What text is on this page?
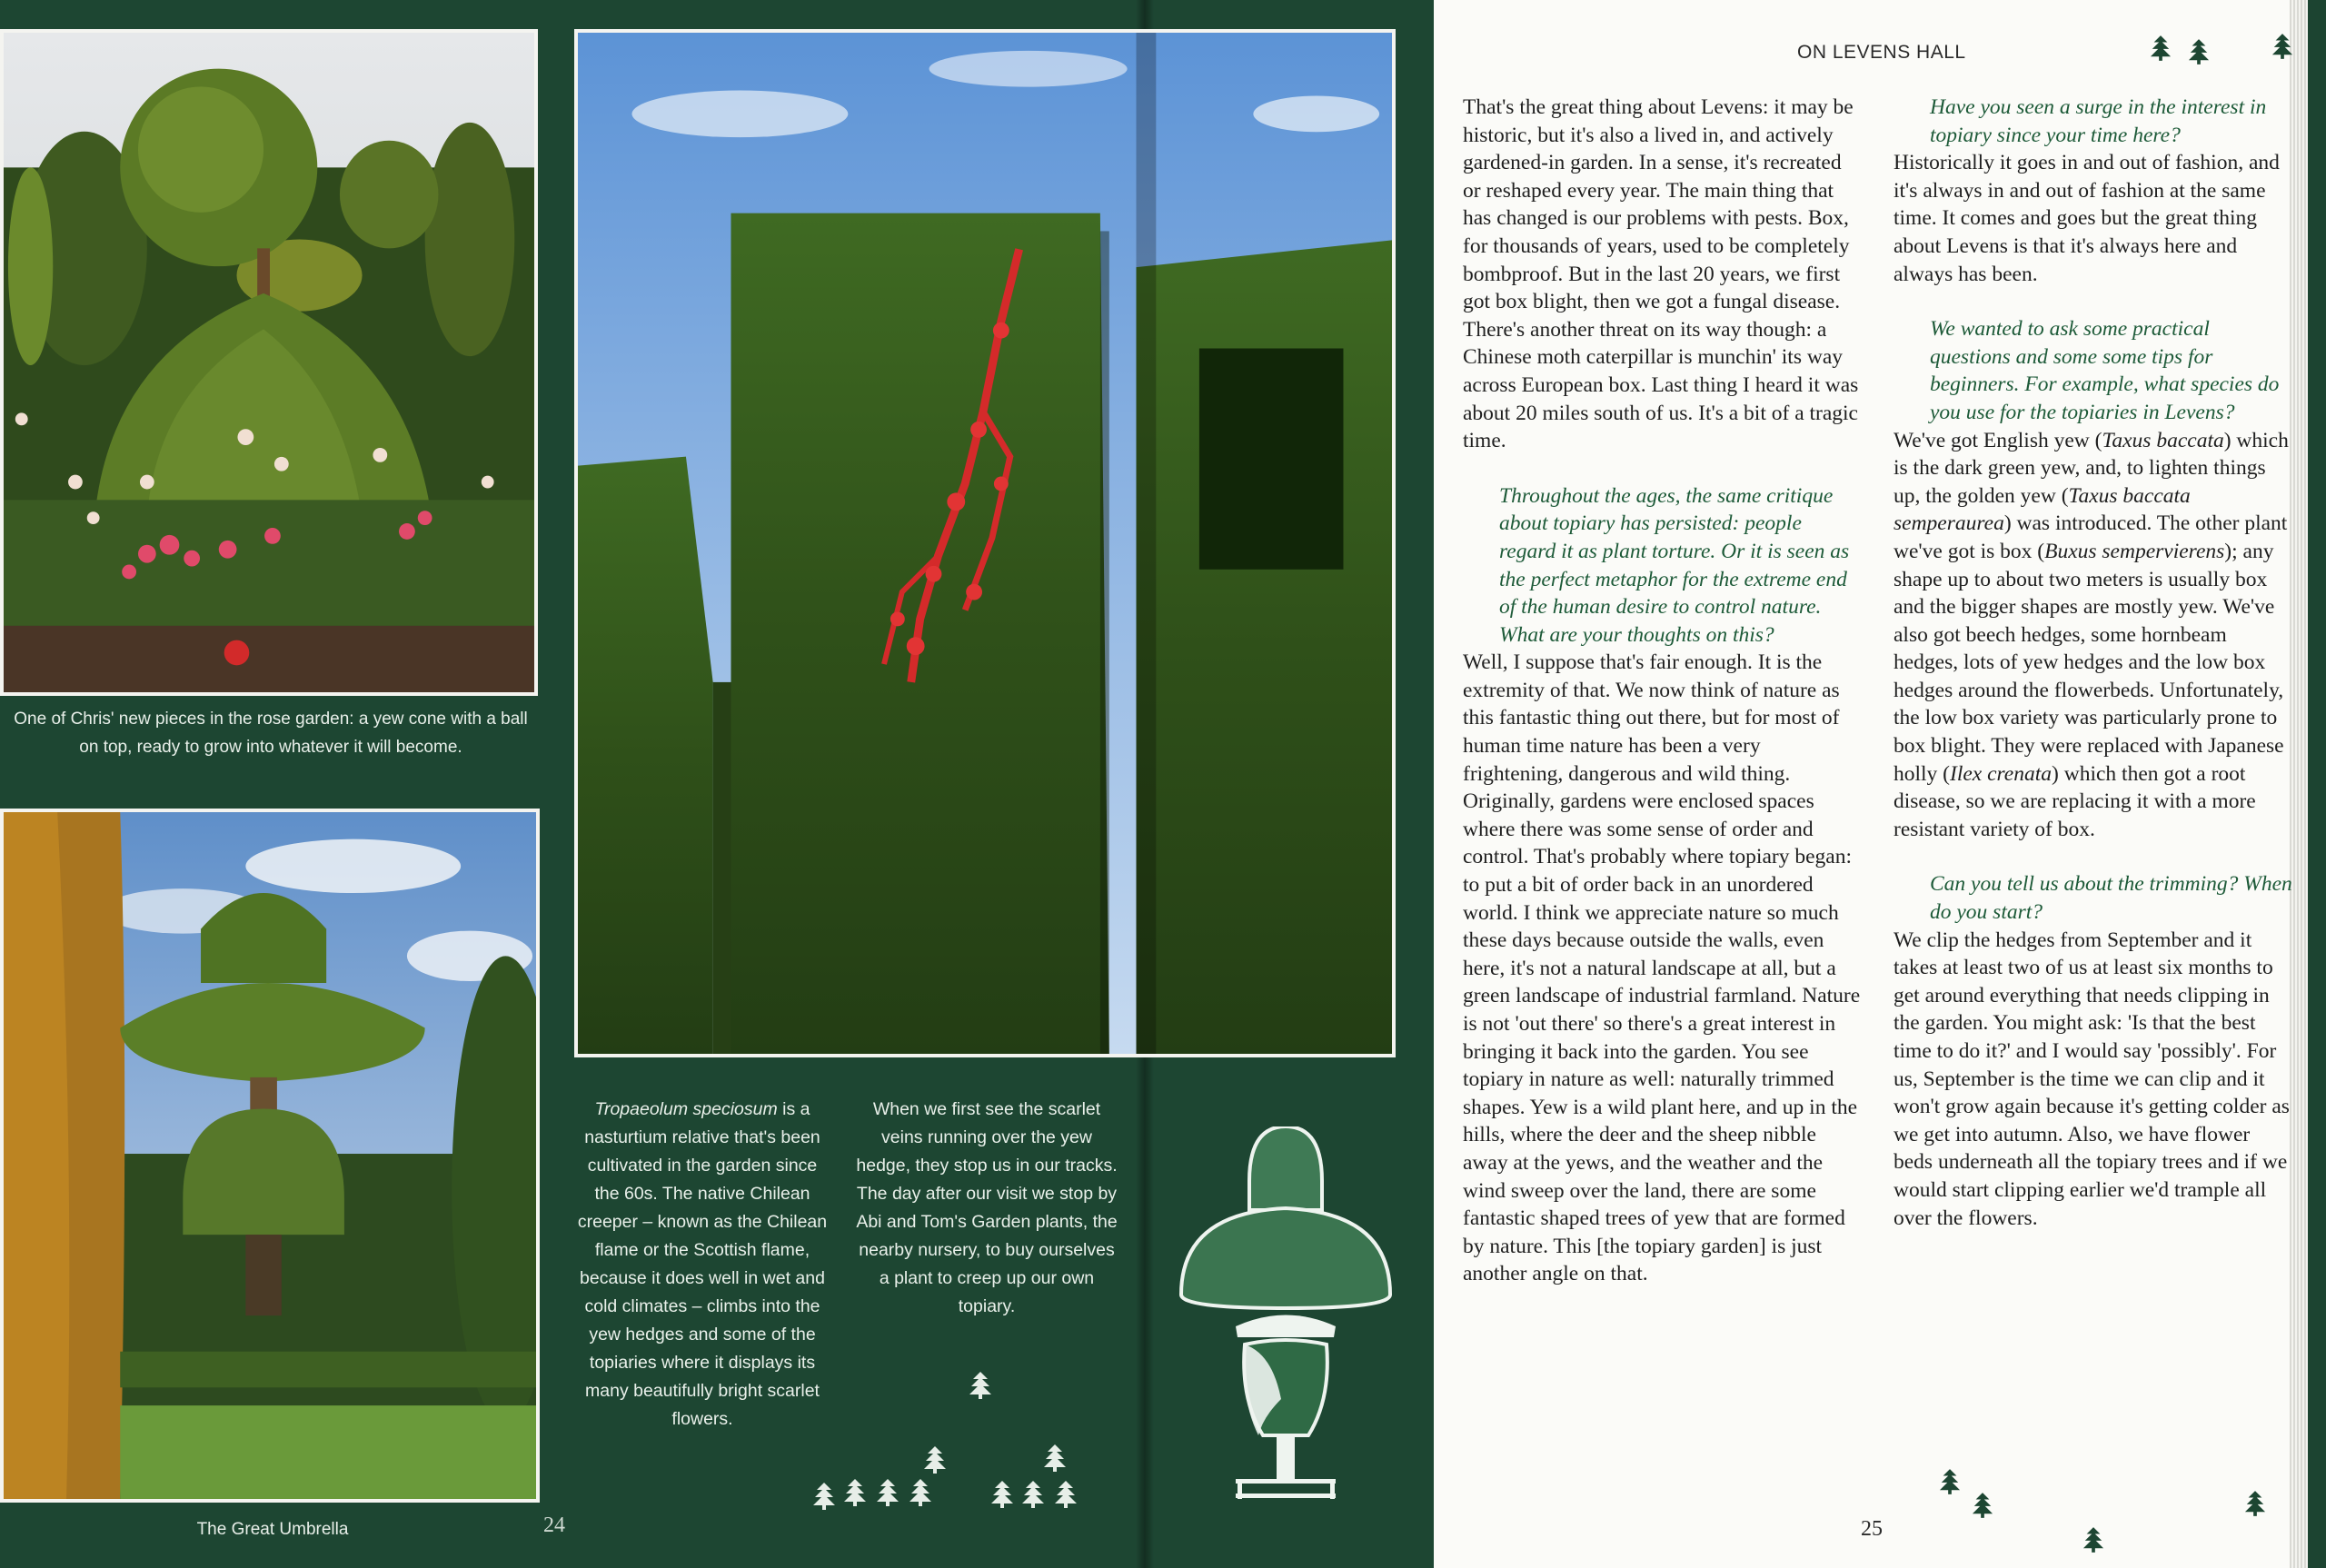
One of Chris' new pieces in the rose garden: a yew cone with a ball on top, ready to grow into whatever it will become.
The Great Umbrella	24
Tropaeolum speciosum is a nasturtium relative that's been cultivated in the garden since the 60s. The native Chilean creeper – known as the Chilean flame or the Scottish flame, because it does well in wet and cold climates – climbs into the yew hedges and some of the topiaries where it displays its many beautifully bright scarlet flowers.
When we first see the scarlet veins running over the yew hedge, they stop us in our tracks. The day after our visit we stop by Abi and Tom's Garden plants, the nearby nursery, to buy ourselves a plant to creep up our own topiary.
ON LEVENS HALL

That's the great thing about Levens: it may be historic, but it's also a lived in, and actively gardened-in garden. In a sense, it's recreated or reshaped every year. The main thing that has changed is our problems with pests. Box, for thousands of years, used to be completely bombproof. But in the last 20 years, we first got box blight, then we got a fungal disease. There's another threat on its way though: a Chinese moth caterpillar is munchin' its way across European box. Last thing I heard it was about 20 miles south of us. It's a bit of a tragic time.

Throughout the ages, the same critique about topiary has persisted: people regard it as plant torture. Or it is seen as the perfect metaphor for the extreme end of the human desire to control nature. What are your thoughts on this?

Well, I suppose that's fair enough. It is the extremity of that. We now think of nature as this fantastic thing out there, but for most of human time nature has been a very frightening, dangerous and wild thing. Originally, gardens were enclosed spaces where there was some sense of order and control. That's probably where topiary began: to put a bit of order back in an unordered world. I think we appreciate nature so much these days because outside the walls, even here, it's not a natural landscape at all, but a green landscape of industrial farmland. Nature is not 'out there' so there's a great interest in bringing it back into the garden. You see topiary in nature as well: naturally trimmed shapes. Yew is a wild plant here, and up in the hills, where the deer and the sheep nibble away at the yews, and the weather and the wind sweep over the land, there are some fantastic shaped trees of yew that are formed by nature. This [the topiary garden] is just another angle on that.

Have you seen a surge in the interest in topiary since your time here?

Historically it goes in and out of fashion, and it's always in and out of fashion at the same time. It comes and goes but the great thing about Levens is that it's always here and always has been.

We wanted to ask some practical questions and some some tips for beginners. For example, what species do you use for the topiaries in Levens?

We've got English yew (Taxus baccata) which is the dark green yew, and, to lighten things up, the golden yew (Taxus baccata semperaurea) was introduced. The other plant we've got is box (Buxus sempervierens); any shape up to about two meters is usually box and the bigger shapes are mostly yew. We've also got beech hedges, some hornbeam hedges, lots of yew hedges and the low box hedges around the flowerbeds. Unfortunately, the low box variety was particularly prone to box blight. They were replaced with Japanese holly (Ilex crenata) which then got a root disease, so we are replacing it with a more resistant variety of box.

Can you tell us about the trimming? When do you start?

We clip the hedges from September and it takes at least two of us at least six months to get around everything that needs clipping in the garden. You might ask: 'Is that the best time to do it?' and I would say 'possibly'. For us, September is the time we can clip and it won't grow again because it's getting colder as we get into autumn. Also, we have flower beds underneath all the topiary trees and if we would start clipping earlier we'd trample all over the flowers.

25
